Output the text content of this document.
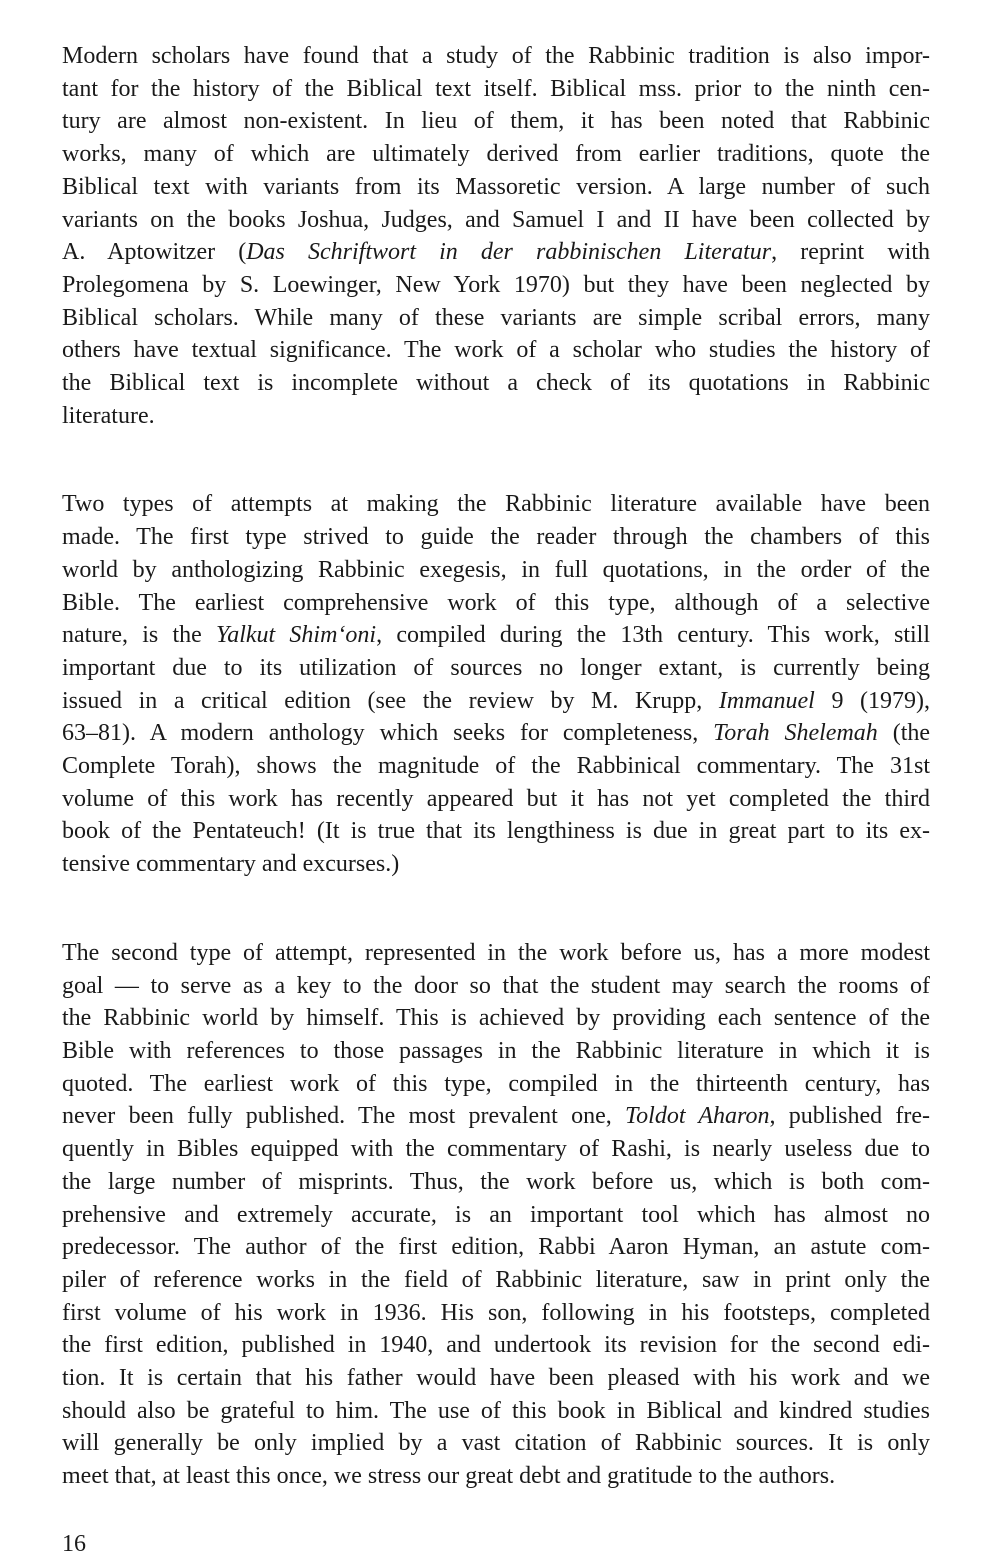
Modern scholars have found that a study of the Rabbinic tradition is also impor-
tant for the history of the Biblical text itself. Biblical mss. prior to the ninth cen-
tury are almost non-existent. In lieu of them, it has been noted that Rabbinic
works, many of which are ultimately derived from earlier traditions, quote the
Biblical text with variants from its Massoretic version. A large number of such
variants on the books Joshua, Judges, and Samuel I and II have been collected by
A. Aptowitzer (Das Schriftwort in der rabbinischen Literatur, reprint with
Prolegomena by S. Loewinger, New York 1970) but they have been neglected by
Biblical scholars. While many of these variants are simple scribal errors, many
others have textual significance. The work of a scholar who studies the history of
the Biblical text is incomplete without a check of its quotations in Rabbinic
literature.
Two types of attempts at making the Rabbinic literature available have been
made. The first type strived to guide the reader through the chambers of this
world by anthologizing Rabbinic exegesis, in full quotations, in the order of the
Bible. The earliest comprehensive work of this type, although of a selective
nature, is the Yalkut Shim‘oni, compiled during the 13th century. This work, still
important due to its utilization of sources no longer extant, is currently being
issued in a critical edition (see the review by M. Krupp, Immanuel 9 (1979),
63–81). A modern anthology which seeks for completeness, Torah Shelemah (the
Complete Torah), shows the magnitude of the Rabbinical commentary. The 31st
volume of this work has recently appeared but it has not yet completed the third
book of the Pentateuch! (It is true that its lengthiness is due in great part to its ex-
tensive commentary and excurses.)
The second type of attempt, represented in the work before us, has a more modest
goal — to serve as a key to the door so that the student may search the rooms of
the Rabbinic world by himself. This is achieved by providing each sentence of the
Bible with references to those passages in the Rabbinic literature in which it is
quoted. The earliest work of this type, compiled in the thirteenth century, has
never been fully published. The most prevalent one, Toldot Aharon, published fre-
quently in Bibles equipped with the commentary of Rashi, is nearly useless due to
the large number of misprints. Thus, the work before us, which is both com-
prehensive and extremely accurate, is an important tool which has almost no
predecessor. The author of the first edition, Rabbi Aaron Hyman, an astute com-
piler of reference works in the field of Rabbinic literature, saw in print only the
first volume of his work in 1936. His son, following in his footsteps, completed
the first edition, published in 1940, and undertook its revision for the second edi-
tion. It is certain that his father would have been pleased with his work and we
should also be grateful to him. The use of this book in Biblical and kindred studies
will generally be only implied by a vast citation of Rabbinic sources. It is only
meet that, at least this once, we stress our great debt and gratitude to the authors.
16
